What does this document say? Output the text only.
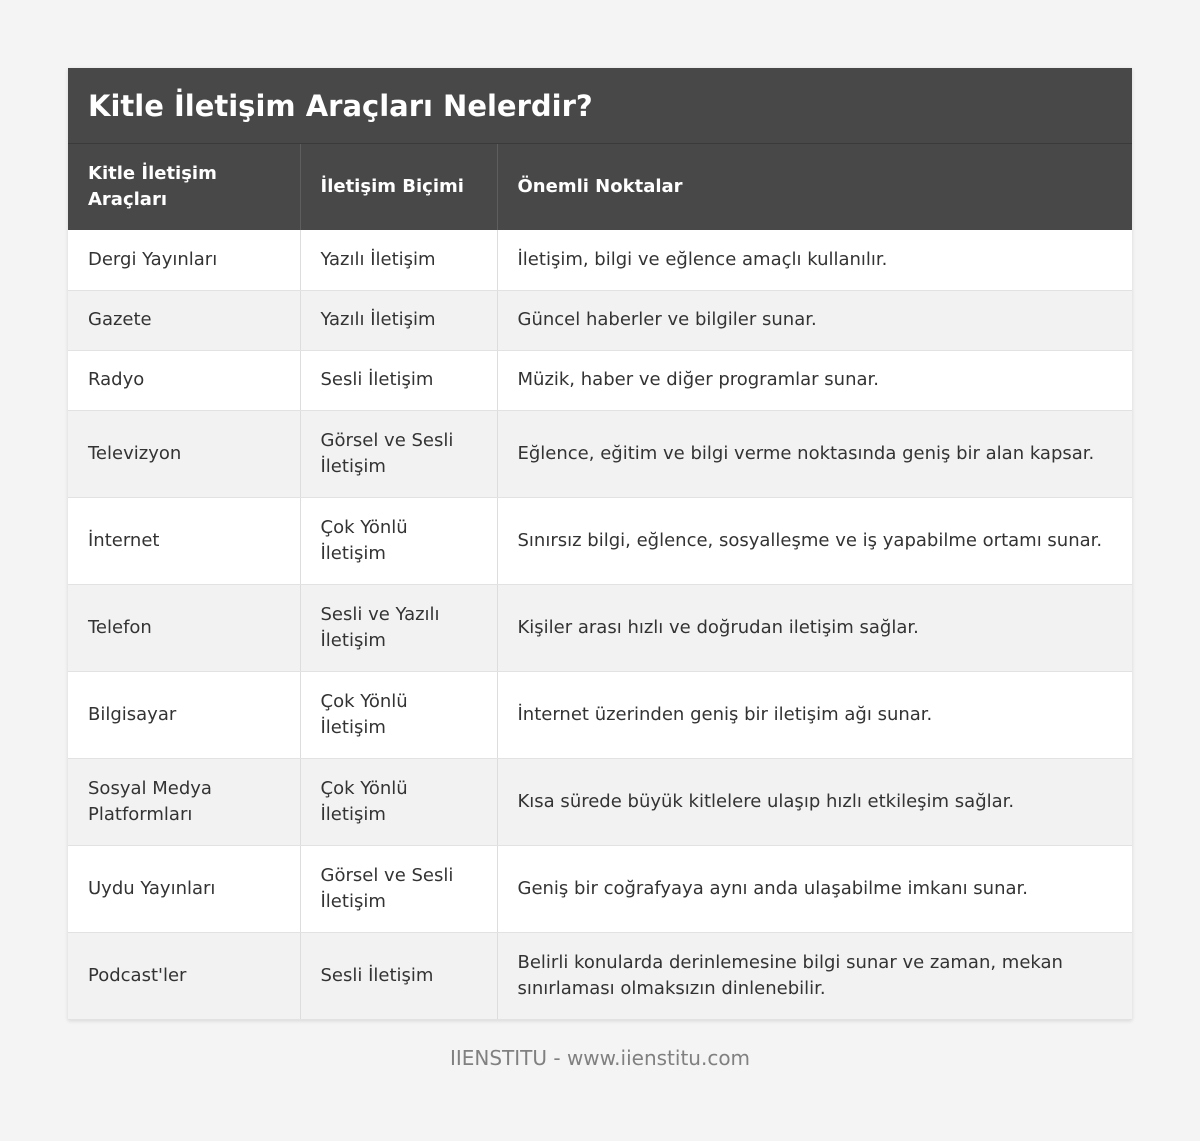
Kitle İletişim Araçları Nelerdir?
Kitle İletişim Araçları	İletişim Biçimi	Önemli Noktalar
Dergi Yayınları	Yazılı İletişim	İletişim, bilgi ve eğlence amaçlı kullanılır.
Gazete	Yazılı İletişim	Güncel haberler ve bilgiler sunar.
Radyo	Sesli İletişim	Müzik, haber ve diğer programlar sunar.
Televizyon	Görsel ve Sesli İletişim	Eğlence, eğitim ve bilgi verme noktasında geniş bir alan kapsar.
İnternet	Çok Yönlü İletişim	Sınırsız bilgi, eğlence, sosyalleşme ve iş yapabilme ortamı sunar.
Telefon	Sesli ve Yazılı İletişim	Kişiler arası hızlı ve doğrudan iletişim sağlar.
Bilgisayar	Çok Yönlü İletişim	İnternet üzerinden geniş bir iletişim ağı sunar.
Sosyal Medya Platformları	Çok Yönlü İletişim	Kısa sürede büyük kitlelere ulaşıp hızlı etkileşim sağlar.
Uydu Yayınları	Görsel ve Sesli İletişim	Geniş bir coğrafyaya aynı anda ulaşabilme imkanı sunar.
Podcast'ler	Sesli İletişim	Belirli konularda derinlemesine bilgi sunar ve zaman, mekan sınırlaması olmaksızın dinlenebilir.
IIENSTITU - www.iienstitu.com
